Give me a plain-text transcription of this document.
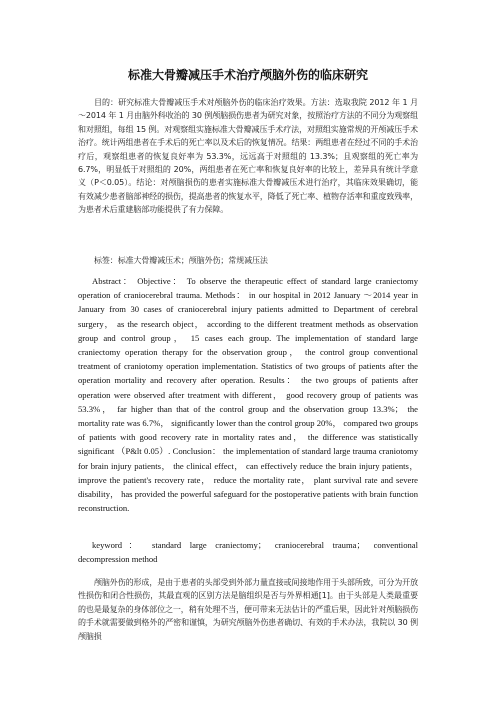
标准大骨瓣减压手术治疗颅脑外伤的临床研究

目的：研究标准大骨瓣减压手术对颅脑外伤的临床治疗效果。方法：选取我院 2012 年 1 月～2014 年 1 月由脑外科收治的 30 例颅脑损伤患者为研究对象，按照治疗方法的不同分为观察组和对照组，每组 15 例。对观察组实施标准大骨瓣减压手术疗法，对照组实施常规的开颅减压手术治疗。统计两组患者在手术后的死亡率以及术后的恢复情况。结果：两组患者在经过不同的手术治疗后，观察组患者的恢复良好率为 53.3%，远远高于对照组的 13.3%；且观察组的死亡率为 6.7%，明显低于对照组的 20%，两组患者在死亡率和恢复良好率的比较上，差异具有统计学意义（P＜0.05）。结论：对颅脑损伤的患者实施标准大骨瓣减压术进行治疗，其临床效果确切，能有效减少患者脑部神经的损伤，提高患者的恢复水平，降低了死亡率、植物存活率和重度致残率，为患者术后重建脑部功能提供了有力保障。

标签：标准大骨瓣减压术；颅脑外伤；常规减压法

Abstract： Objective： To observe the therapeutic effect of standard large craniectomy operation of craniocerebral trauma. Methods： in our hospital in 2012 January ～2014 year in January from 30 cases of craniocerebral injury patients admitted to Department of cerebral surgery， as the research object， according to the different treatment methods as observation group and control group， 15 cases each group. The implementation of standard large craniectomy operation therapy for the observation group， the control group conventional treatment of craniotomy operation implementation. Statistics of two groups of patients after the operation mortality and recovery after operation. Results： the two groups of patients after operation were observed after treatment with different， good recovery group of patients was 53.3%， far higher than that of the control group and the observation group 13.3%； the mortality rate was 6.7%， significantly lower than the control group 20%， compared two groups of patients with good recovery rate in mortality rates and， the difference was statistically significant （P&lt 0.05）. Conclusion： the implementation of standard large trauma craniotomy for brain injury patients， the clinical effect， can effectively reduce the brain injury patients， improve the patient's recovery rate， reduce the mortality rate， plant survival rate and severe disability， has provided the powerful safeguard for the postoperative patients with brain function reconstruction.

keyword： standard large craniectomy； craniocerebral trauma； conventional decompression method

颅脑外伤的形成，是由于患者的头部受到外部力量直接或间接地作用于头部所致，可分为开放性损伤和闭合性损伤，其最直观的区别方法是脑组织是否与外界相通[1]。由于头部是人类最重要的也是最复杂的身体部位之一，稍有处理不当，便可带来无法估计的严重后果，因此针对颅脑损伤的手术就需要做到格外的严密和谨慎，为研究颅脑外伤患者确切、有效的手术办法，我院以 30 例颅脑损
